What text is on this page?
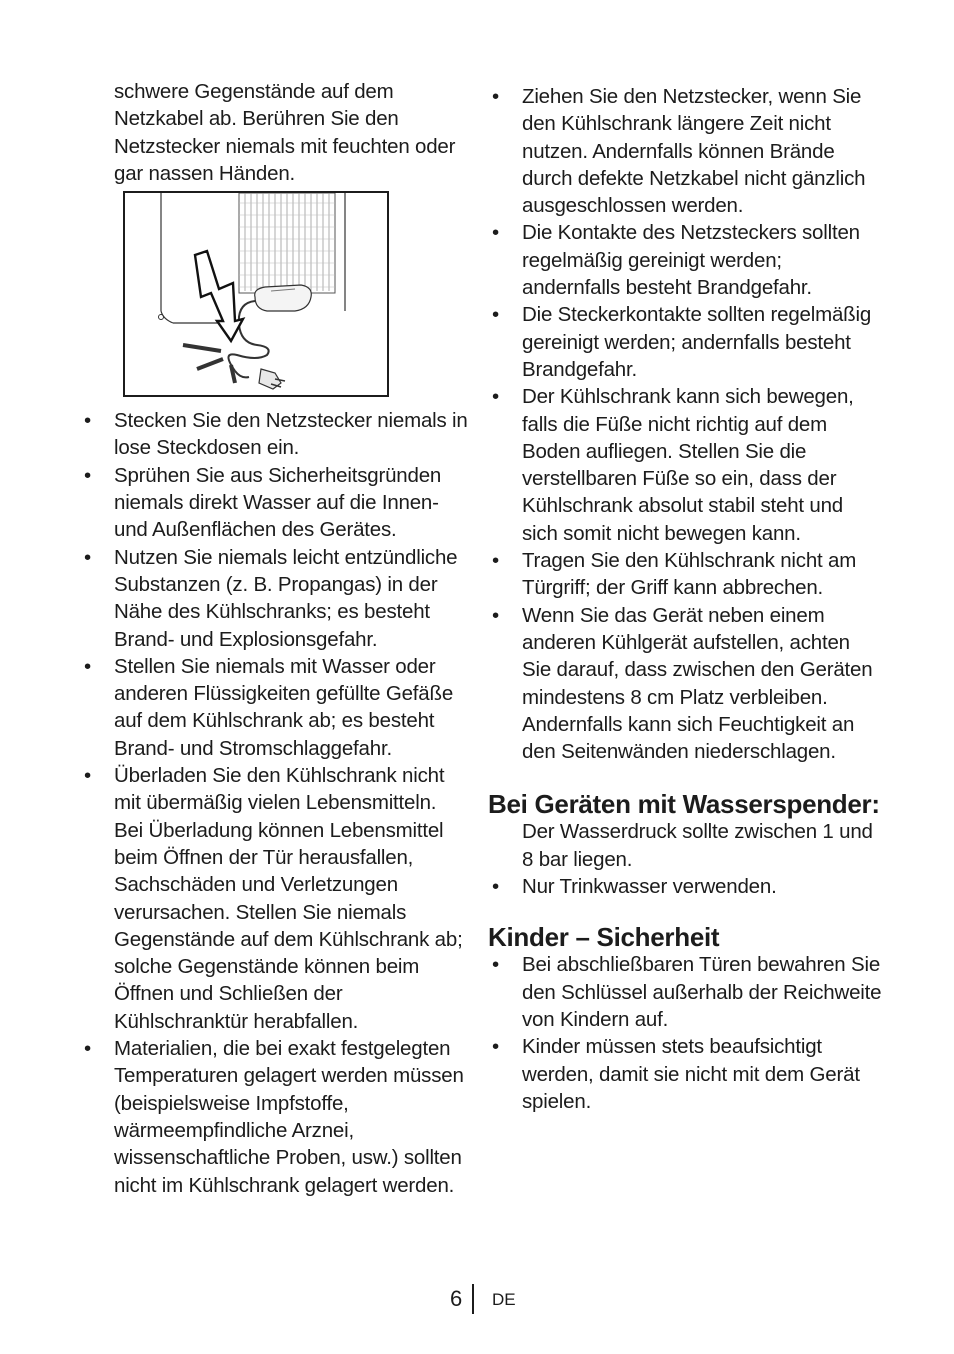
schwere Gegenstände auf dem Netzkabel ab. Berühren Sie den Netzstecker niemals mit feuchten oder gar nassen Händen.

• Stecken Sie den Netzstecker niemals in lose Steckdosen ein.
• Sprühen Sie aus Sicherheitsgründen niemals direkt Wasser auf die Innen- und Außenflächen des Gerätes.
• Nutzen Sie niemals leicht entzündliche Substanzen (z. B. Propangas) in der Nähe des Kühlschranks; es besteht Brand- und Explosionsgefahr.
• Stellen Sie niemals mit Wasser oder anderen Flüssigkeiten gefüllte Gefäße auf dem Kühlschrank ab; es besteht Brand- und Stromschlaggefahr.
• Überladen Sie den Kühlschrank nicht mit übermäßig vielen Lebensmitteln. Bei Überladung können Lebensmittel beim Öffnen der Tür herausfallen, Sachschäden und Verletzungen verursachen. Stellen Sie niemals Gegenstände auf dem Kühlschrank ab; solche Gegenstände können beim Öffnen und Schließen der Kühlschranktür herabfallen.
• Materialien, die bei exakt festgelegten Temperaturen gelagert werden müssen (beispielsweise Impfstoffe, wärmeempfindliche Arznei, wissenschaftliche Proben, usw.) sollten nicht im Kühlschrank gelagert werden.
• Ziehen Sie den Netzstecker, wenn Sie den Kühlschrank längere Zeit nicht nutzen. Andernfalls können Brände durch defekte Netzkabel nicht gänzlich ausgeschlossen werden.
• Die Kontakte des Netzsteckers sollten regelmäßig gereinigt werden; andernfalls besteht Brandgefahr.
• Die Steckerkontakte sollten regelmäßig gereinigt werden; andernfalls besteht Brandgefahr.
• Der Kühlschrank kann sich bewegen, falls die Füße nicht richtig auf dem Boden aufliegen. Stellen Sie die verstellbaren Füße so ein, dass der Kühlschrank absolut stabil steht und sich somit nicht bewegen kann.
• Tragen Sie den Kühlschrank nicht am Türgriff; der Griff kann abbrechen.
• Wenn Sie das Gerät neben einem anderen Kühlgerät aufstellen, achten Sie darauf, dass zwischen den Geräten mindestens 8 cm Platz verbleiben. Andernfalls kann sich Feuchtigkeit an den Seitenwänden niederschlagen.
Bei Geräten mit Wasserspender:

Der Wasserdruck sollte zwischen 1 und 8 bar liegen.

• Nur Trinkwasser verwenden.
Kinder – Sicherheit
• Bei abschließbaren Türen bewahren Sie den Schlüssel außerhalb der Reichweite von Kindern auf.
• Kinder müssen stets beaufsichtigt werden, damit sie nicht mit dem Gerät spielen.
6 DE
